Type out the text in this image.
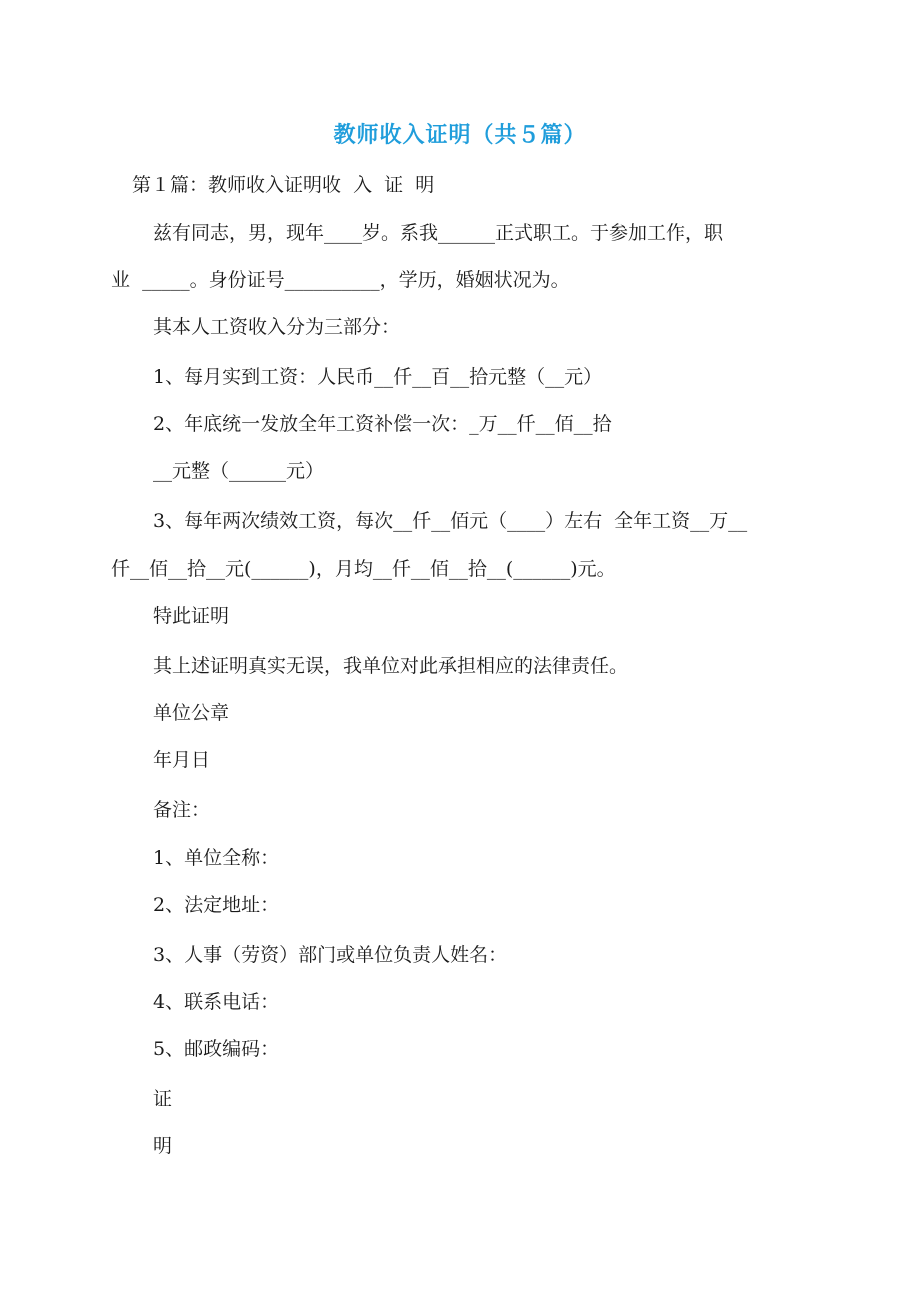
教师收入证明（共５篇）

第１篇：教师收入证明收  入  证  明

兹有同志，男，现年____岁。系我______正式职工。于参加工作，职

业  _____。身份证号__________，学历，婚姻状况为。

其本人工资收入分为三部分：

1、每月实到工资：人民币__仟__百__拾元整（__元）

2、年底统一发放全年工资补偿一次：_万__仟__佰__拾

__元整（______元）

3、每年两次绩效工资，每次__仟__佰元（____）左右  全年工资__万__

仟__佰__拾__元(______)，月均__仟__佰__拾__(______)元。

特此证明

其上述证明真实无误，我单位对此承担相应的法律责任。

单位公章

年月日

备注：

1、单位全称：

2、法定地址：

3、人事（劳资）部门或单位负责人姓名：

4、联系电话：

5、邮政编码：

证

明
